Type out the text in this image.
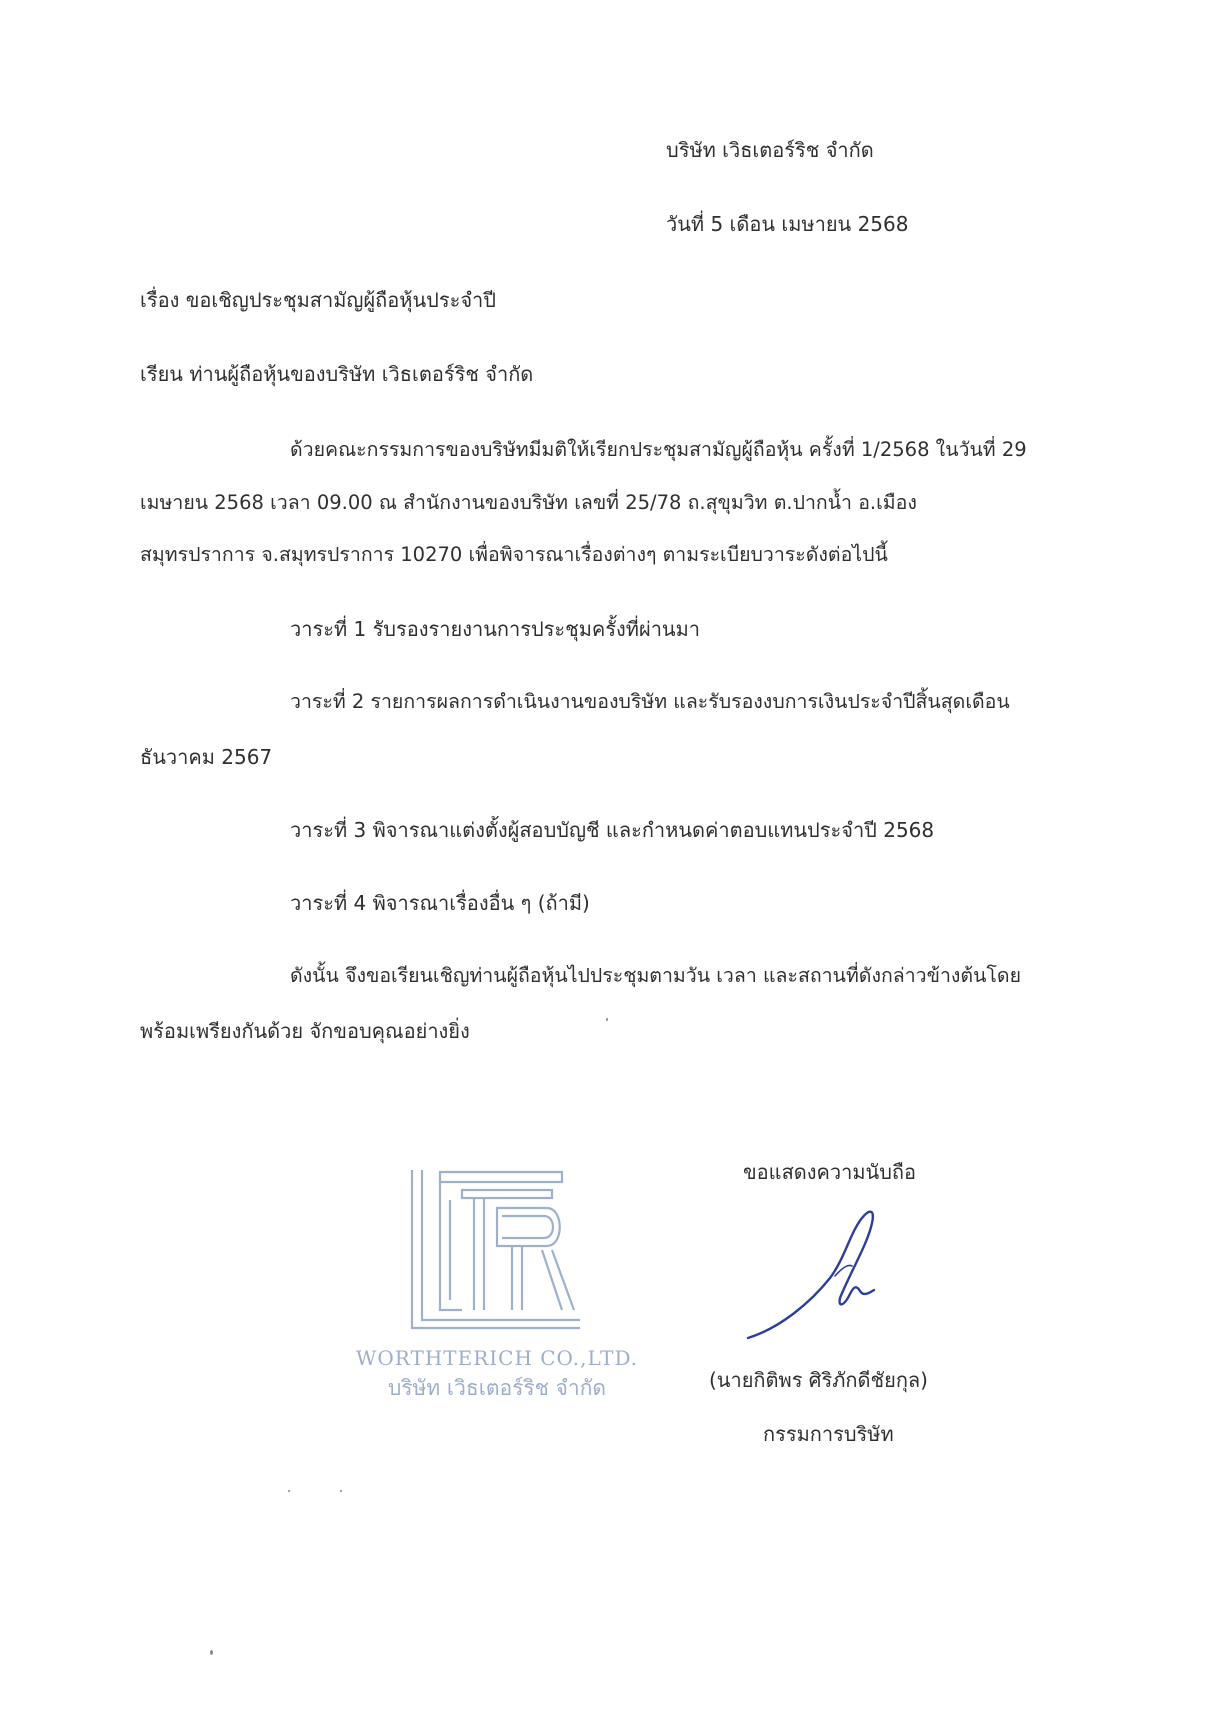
บริษัท เวิธเตอร์ริช จำกัด
วันที่ 5 เดือน เมษายน 2568
เรื่อง ขอเชิญประชุมสามัญผู้ถือหุ้นประจำปี
เรียน ท่านผู้ถือหุ้นของบริษัท เวิธเตอร์ริช จำกัด
ด้วยคณะกรรมการของบริษัทมีมติให้เรียกประชุมสามัญผู้ถือหุ้น ครั้งที่ 1/2568 ในวันที่ 29
เมษายน 2568 เวลา 09.00 ณ สำนักงานของบริษัท เลขที่ 25/78 ถ.สุขุมวิท ต.ปากน้ำ อ.เมือง
สมุทรปราการ จ.สมุทรปราการ 10270 เพื่อพิจารณาเรื่องต่างๆ ตามระเบียบวาระดังต่อไปนี้
วาระที่ 1 รับรองรายงานการประชุมครั้งที่ผ่านมา
วาระที่ 2 รายการผลการดำเนินงานของบริษัท และรับรองงบการเงินประจำปีสิ้นสุดเดือน
ธันวาคม 2567
วาระที่ 3 พิจารณาแต่งตั้งผู้สอบบัญชี และกำหนดค่าตอบแทนประจำปี 2568
วาระที่ 4 พิจารณาเรื่องอื่น ๆ (ถ้ามี)
ดังนั้น จึงขอเรียนเชิญท่านผู้ถือหุ้นไปประชุมตามวัน เวลา และสถานที่ดังกล่าวข้างต้นโดย
พร้อมเพรียงกันด้วย จักขอบคุณอย่างยิ่ง
ขอแสดงความนับถือ
(นายกิติพร ศิริภักดีชัยกุล)
กรรมการบริษัท
WORTHTERICH CO.,LTD.
บริษัท เวิธเตอร์ริช จำกัด
